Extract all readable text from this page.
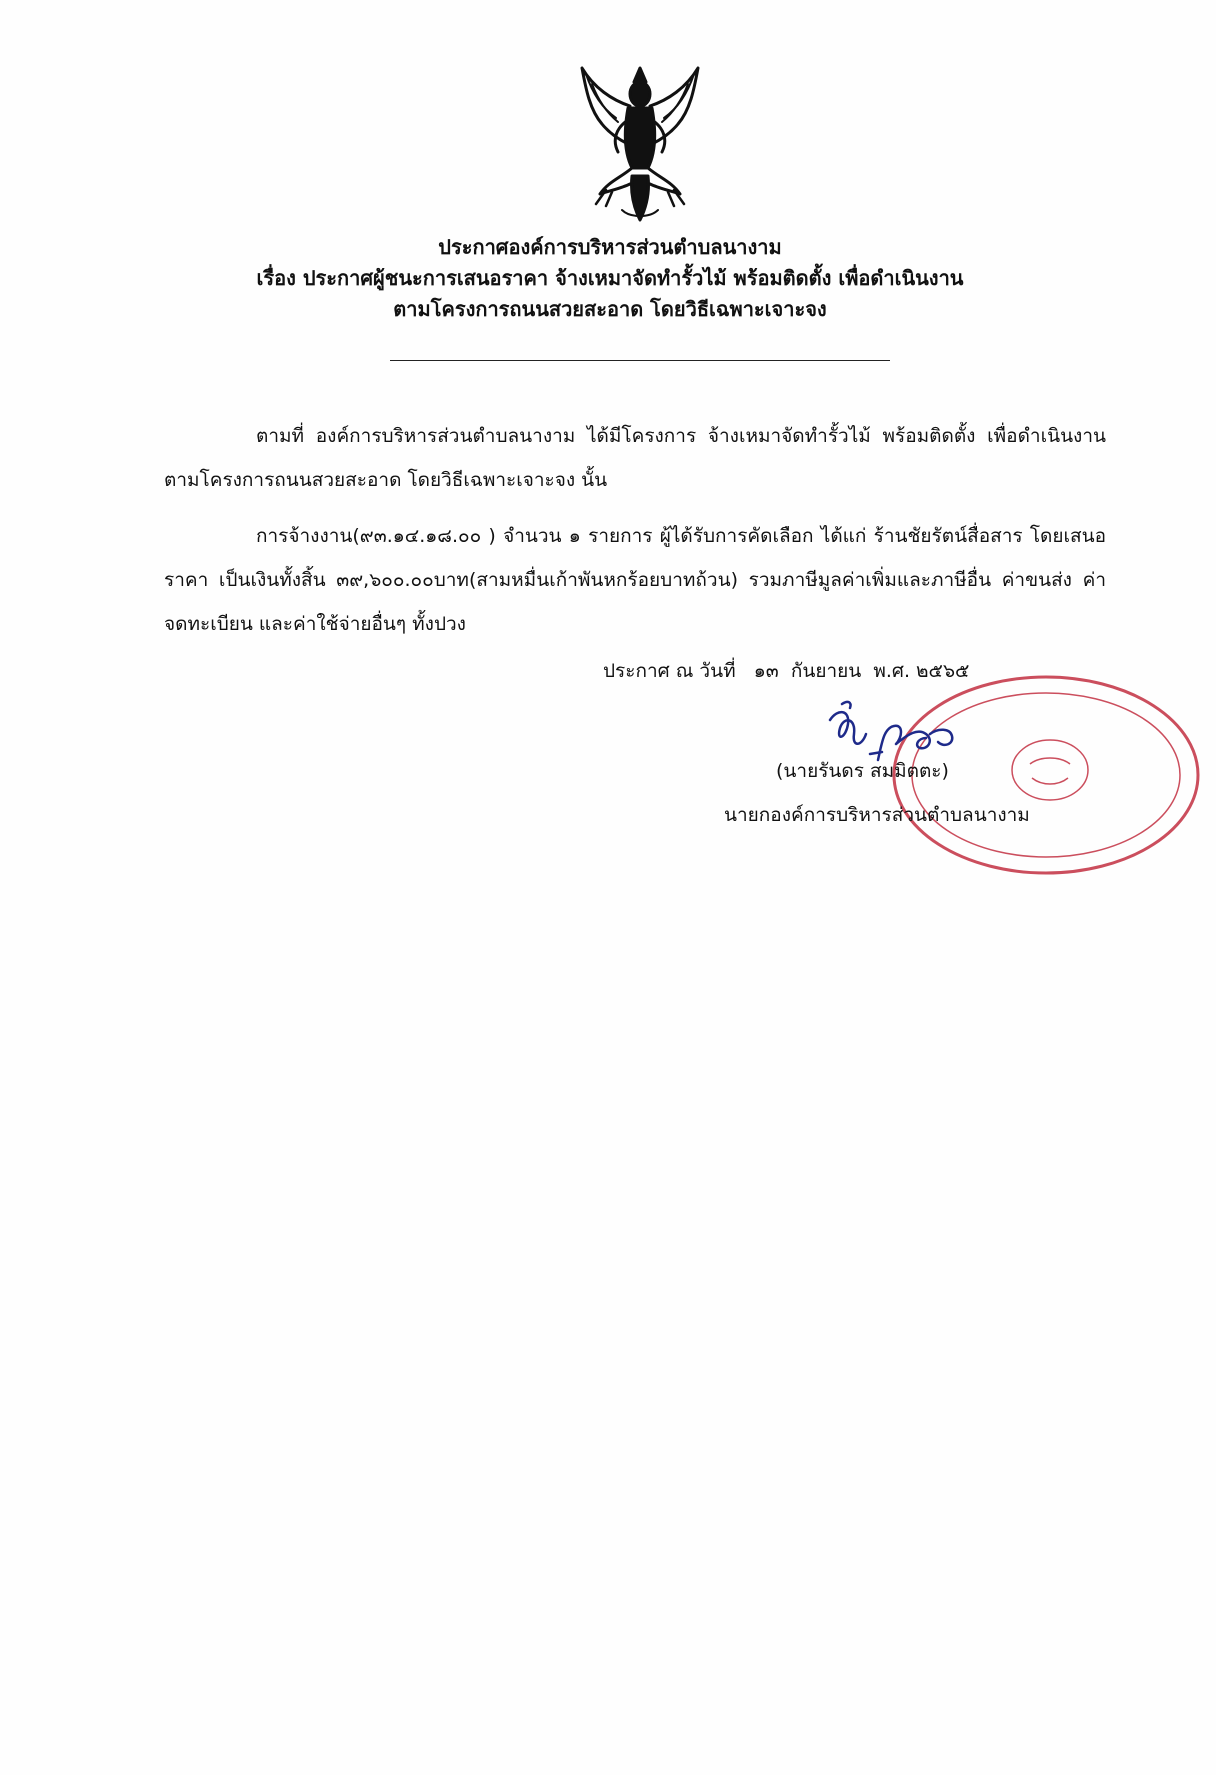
ประกาศองค์การบริหารส่วนตำบลนางาม
เรื่อง ประกาศผู้ชนะการเสนอราคา จ้างเหมาจัดทำรั้วไม้ พร้อมติดตั้ง เพื่อดำเนินงาน
ตามโครงการถนนสวยสะอาด โดยวิธีเฉพาะเจาะจง
ตามที่ องค์การบริหารส่วนตำบลนางาม ได้มีโครงการ จ้างเหมาจัดทำรั้วไม้ พร้อมติดตั้ง เพื่อดำเนินงานตามโครงการถนนสวยสะอาด โดยวิธีเฉพาะเจาะจง นั้น
การจ้างงาน(๙๓.๑๔.๑๘.๐๐ ) จำนวน ๑ รายการ ผู้ได้รับการคัดเลือก ได้แก่ ร้านชัยรัตน์สื่อสาร โดยเสนอราคา เป็นเงินทั้งสิ้น ๓๙,๖๐๐.๐๐บาท(สามหมื่นเก้าพันหกร้อยบาทถ้วน) รวมภาษีมูลค่าเพิ่มและภาษีอื่น ค่าขนส่ง ค่าจดทะเบียน และค่าใช้จ่ายอื่นๆ ทั้งปวง
ประกาศ ณ วันที่   ๑๓  กันยายน  พ.ศ. ๒๕๖๕
(นายรันดร สมมิตตะ)
นายกองค์การบริหารส่วนตำบลนางาม
